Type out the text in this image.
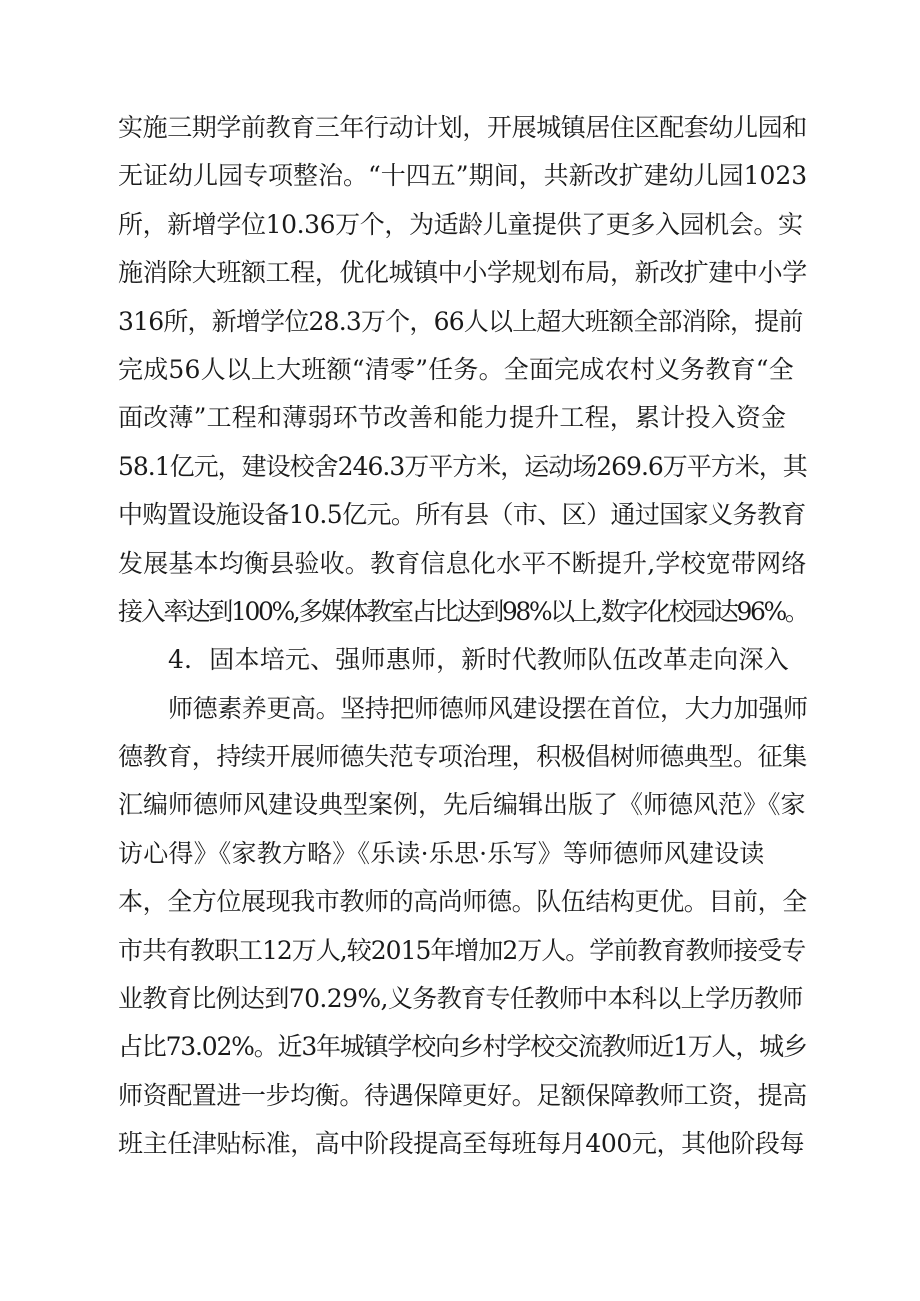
实施三期学前教育三年行动计划，开展城镇居住区配套幼儿园和
无证幼儿园专项整治。“十四五”期间，共新改扩建幼儿园1023
所，新增学位10.36万个，为适龄儿童提供了更多入园机会。实
施消除大班额工程，优化城镇中小学规划布局，新改扩建中小学
316所，新增学位28.3万个，66人以上超大班额全部消除，提前
完成56人以上大班额“清零”任务。全面完成农村义务教育“全
面改薄”工程和薄弱环节改善和能力提升工程，累计投入资金
58.1亿元，建设校舍246.3万平方米，运动场269.6万平方米，其
中购置设施设备10.5亿元。所有县（市、区）通过国家义务教育
发展基本均衡县验收。教育信息化水平不断提升,学校宽带网络
接入率达到100%,多媒体教室占比达到98%以上,数字化校园达96%。
4．固本培元、强师惠师，新时代教师队伍改革走向深入
师德素养更高。坚持把师德师风建设摆在首位，大力加强师
德教育，持续开展师德失范专项治理，积极倡树师德典型。征集
汇编师德师风建设典型案例，先后编辑出版了《师德风范》《家
访心得》《家教方略》《乐读·乐思·乐写》等师德师风建设读
本，全方位展现我市教师的高尚师德。队伍结构更优。目前，全
市共有教职工12万人,较2015年增加2万人。学前教育教师接受专
业教育比例达到70.29%,义务教育专任教师中本科以上学历教师
占比73.02%。近3年城镇学校向乡村学校交流教师近1万人，城乡
师资配置进一步均衡。待遇保障更好。足额保障教师工资，提高
班主任津贴标准，高中阶段提高至每班每月400元，其他阶段每
